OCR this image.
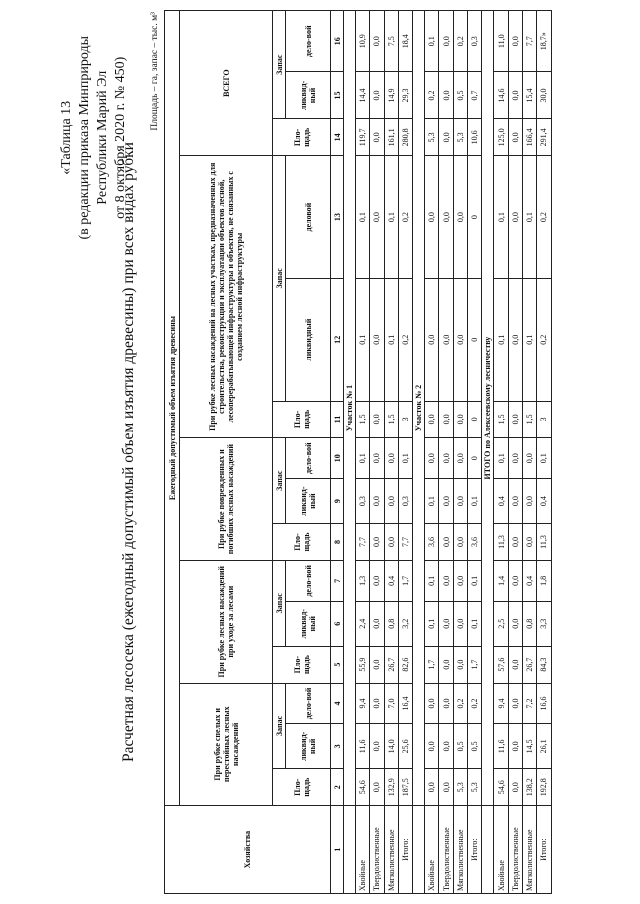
«Таблица 13 (в редакции приказа Минприроды Республики Марий Эл от 8 октября 2020 г. № 450)
Расчетная лесосека (ежегодный допустимый объем изъятия древесины) при всех видах рубки
Площадь – га, запас – тыс. м³
Хозяйства	Ежегодный допустимый объем изъятия древесины														
	При рубке спелых и перестойных лесных насаждений			При рубке лесных насаждений при уходе за лесами			При рубке поврежденных и погибших лесных насаждений			При рубке лесных насаждений на лесных участках, предназначенных для строительства, реконструкции и эксплуатации объектов лесной, лесоперерабатывающей инфраструктуры и объектов, не связанных с созданием лесной инфраструктуры			ВСЕГО		
	Пло-щадь	Запас		Пло-щадь	Запас		Пло-щадь	Запас		Пло-щадь	Запас		Пло-щадь	Запас	
		ликвид-ный	дело-вой		ликвид-ный	дело-вой		ликвид-ный	дело-вой		ликвидный	деловой		ликвид-ный	дело-вой
1	2	3	4	5	6	7	8	9	10	11	12	13	14	15	16
	Участок № 1														
Хвойные	54,6	11,6	9,4	55,9	2,4	1,3	7,7	0,3	0,1	1,5	0,1	0,1	119,7	14,4	10,9
Твердолиственные	0,0	0,0	0,0	0,0	0,0	0,0	0,0	0,0	0,0	0,0	0,0	0,0	0,0	0,0	0,0
Мягколиственные	132,9	14,0	7,0	26,7	0,8	0,4	0,0	0,0	0,0	1,5	0,1	0,1	161,1	14,9	7,5
Итого:	187,5	25,6	16,4	82,6	3,2	1,7	7,7	0,3	0,1	3	0,2	0,2	280,8	29,3	18,4
	Участок № 2														
Хвойные	0,0	0,0	0,0	1,7	0,1	0,1	3,6	0,1	0,0	0,0	0,0	0,0	5,3	0,2	0,1
Твердолиственные	0,0	0,0	0,0	0,0	0,0	0,0	0,0	0,0	0,0	0,0	0,0	0,0	0,0	0,0	0,0
Мягколиственные	5,3	0,5	0,2	0,0	0,0	0,0	0,0	0,0	0,0	0,0	0,0	0,0	5,3	0,5	0,2
Итого:	5,3	0,5	0,2	1,7	0,1	0,1	3,6	0,1	0	0	0	0	10,6	0,7	0,3
	ИТОГО по Алексеевскому лесничеству														
Хвойные	54,6	11,6	9,4	57,6	2,5	1,4	11,3	0,4	0,1	1,5	0,1	0,1	125,0	14,6	11,0
Твердолиственные	0,0	0,0	0,0	0,0	0,0	0,0	0,0	0,0	0,0	0,0	0,0	0,0	0,0	0,0	0,0
Мягколиственные	138,2	14,5	7,2	26,7	0,8	0,4	0,0	0,0	0,0	1,5	0,1	0,1	166,4	15,4	7,7
Итого:	192,8	26,1	16,6	84,3	3,3	1,8	11,3	0,4	0,1	3	0,2	0,2	291,4	30,0	18,7»
